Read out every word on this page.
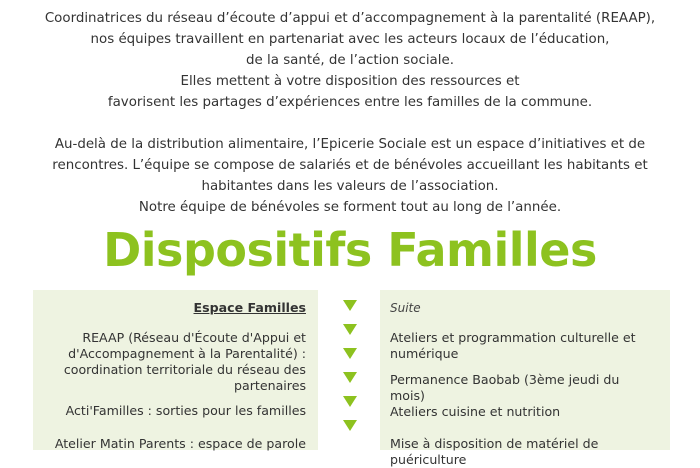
Coordinatrices du réseau d’écoute d’appui et d’accompagnement à la parentalité (REAAP),
nos équipes travaillent en partenariat avec les acteurs locaux de l’éducation,
de la santé, de l’action sociale.
Elles mettent à votre disposition des ressources et
favorisent les partages d’expériences entre les familles de la commune.
Au-delà de la distribution alimentaire, l’Epicerie Sociale est un espace d’initiatives et de
rencontres. L’équipe se compose de salariés et de bénévoles accueillant les habitants et
habitantes dans les valeurs de l’association.
Notre équipe de bénévoles se forment tout au long de l’année.
Dispositifs Familles
Espace Familles
REAAP (Réseau d'Écoute d'Appui et d'Accompagnement à la Parentalité) : coordination territoriale du réseau des partenaires
Acti'Familles : sorties pour les familles
Atelier Matin Parents : espace de parole
Suite
Ateliers et programmation culturelle et numérique
Permanence Baobab (3ème jeudi du mois)
Ateliers cuisine et nutrition
Mise à disposition de matériel de puériculture
